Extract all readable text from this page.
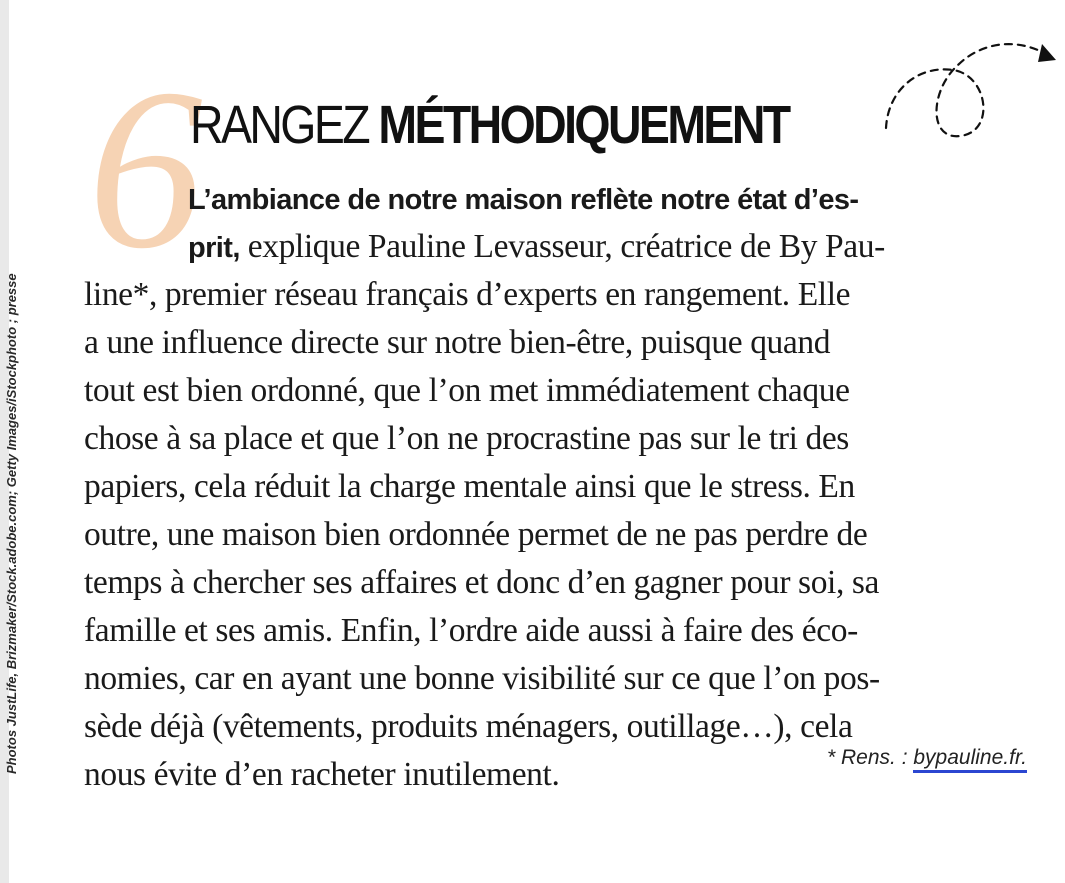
Photos JustLife, Brizmaker/Stock.adobe.com; Getty Images/iStockphoto ; presse
6
RANGEZ MÉTHODIQUEMENT
L’ambiance de notre maison reflète notre état d’es-
prit, explique Pauline Levasseur, créatrice de By Pau-
line*, premier réseau français d’experts en rangement. Elle
a une influence directe sur notre bien-être, puisque quand
tout est bien ordonné, que l’on met immédiatement chaque
chose à sa place et que l’on ne procrastine pas sur le tri des
papiers, cela réduit la charge mentale ainsi que le stress. En
outre, une maison bien ordonnée permet de ne pas perdre de
temps à chercher ses affaires et donc d’en gagner pour soi, sa
famille et ses amis. Enfin, l’ordre aide aussi à faire des éco-
nomies, car en ayant une bonne visibilité sur ce que l’on pos-
sède déjà (vêtements, produits ménagers, outillage…), cela
nous évite d’en racheter inutilement.	* Rens. : bypauline.fr.
